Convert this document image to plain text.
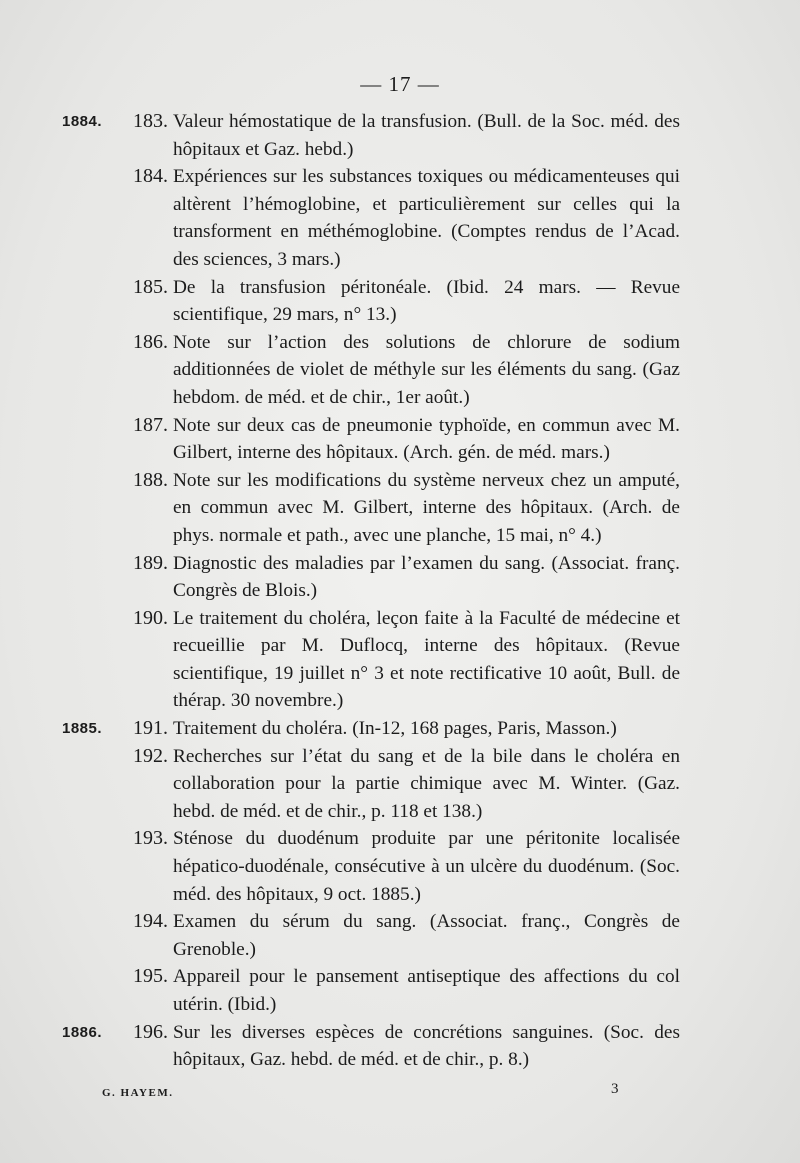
— 17 —
1884.	183. Valeur hémostatique de la transfusion. (Bull. de la Soc. méd. des hôpitaux et Gaz. hebd.)
184. Expériences sur les substances toxiques ou médicamenteuses qui altèrent l’hémoglobine, et particulièrement sur celles qui la transforment en méthémoglobine. (Comptes rendus de l’Acad. des sciences, 3 mars.)
185. De la transfusion péritonéale. (Ibid. 24 mars. — Revue scientifique, 29 mars, n° 13.)
186. Note sur l’action des solutions de chlorure de sodium additionnées de violet de méthyle sur les éléments du sang. (Gaz hebdom. de méd. et de chir., 1er août.)
187. Note sur deux cas de pneumonie typhoïde, en commun avec M. Gilbert, interne des hôpitaux. (Arch. gén. de méd. mars.)
188. Note sur les modifications du système nerveux chez un amputé, en commun avec M. Gilbert, interne des hôpitaux. (Arch. de phys. normale et path., avec une planche, 15 mai, n° 4.)
189. Diagnostic des maladies par l’examen du sang. (Associat. franç. Congrès de Blois.)
190. Le traitement du choléra, leçon faite à la Faculté de médecine et recueillie par M. Duflocq, interne des hôpitaux. (Revue scientifique, 19 juillet n° 3 et note rectificative 10 août, Bull. de thérap. 30 novembre.)
1885.	191. Traitement du choléra. (In-12, 168 pages, Paris, Masson.)
192. Recherches sur l’état du sang et de la bile dans le choléra en collaboration pour la partie chimique avec M. Winter. (Gaz. hebd. de méd. et de chir., p. 118 et 138.)
193. Sténose du duodénum produite par une péritonite localisée hépatico-duodénale, consécutive à un ulcère du duodénum. (Soc. méd. des hôpitaux, 9 oct. 1885.)
194. Examen du sérum du sang. (Associat. franç., Congrès de Grenoble.)
195. Appareil pour le pansement antiseptique des affections du col utérin. (Ibid.)
1886.	196. Sur les diverses espèces de concrétions sanguines. (Soc. des hôpitaux, Gaz. hebd. de méd. et de chir., p. 8.)
G. HAYEM.	3
